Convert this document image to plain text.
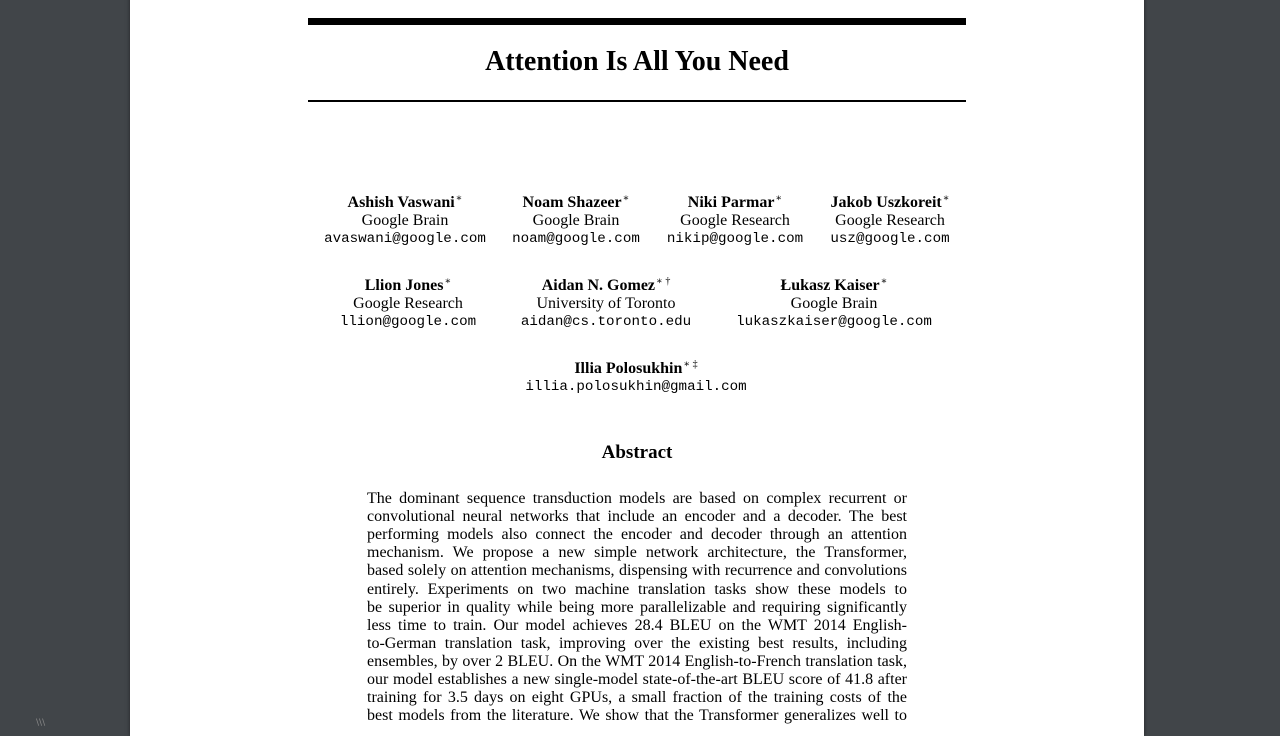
Attention Is All You Need
Ashish Vaswani∗
Google Brain
avaswani@google.com
Noam Shazeer∗
Google Brain
noam@google.com
Niki Parmar∗
Google Research
nikip@google.com
Jakob Uszkoreit∗
Google Research
usz@google.com
Llion Jones∗
Google Research
llion@google.com
Aidan N. Gomez∗ †
University of Toronto
aidan@cs.toronto.edu
Łukasz Kaiser∗
Google Brain
lukaszkaiser@google.com
Illia Polosukhin∗ ‡
illia.polosukhin@gmail.com
Abstract
The dominant sequence transduction models are based on complex recurrent or
convolutional neural networks that include an encoder and a decoder. The best
performing models also connect the encoder and decoder through an attention
mechanism. We propose a new simple network architecture, the Transformer,
based solely on attention mechanisms, dispensing with recurrence and convolutions
entirely. Experiments on two machine translation tasks show these models to
be superior in quality while being more parallelizable and requiring significantly
less time to train. Our model achieves 28.4 BLEU on the WMT 2014 English-
to-German translation task, improving over the existing best results, including
ensembles, by over 2 BLEU. On the WMT 2014 English-to-French translation task,
our model establishes a new single-model state-of-the-art BLEU score of 41.8 after
training for 3.5 days on eight GPUs, a small fraction of the training costs of the
best models from the literature. We show that the Transformer generalizes well to
\\\
